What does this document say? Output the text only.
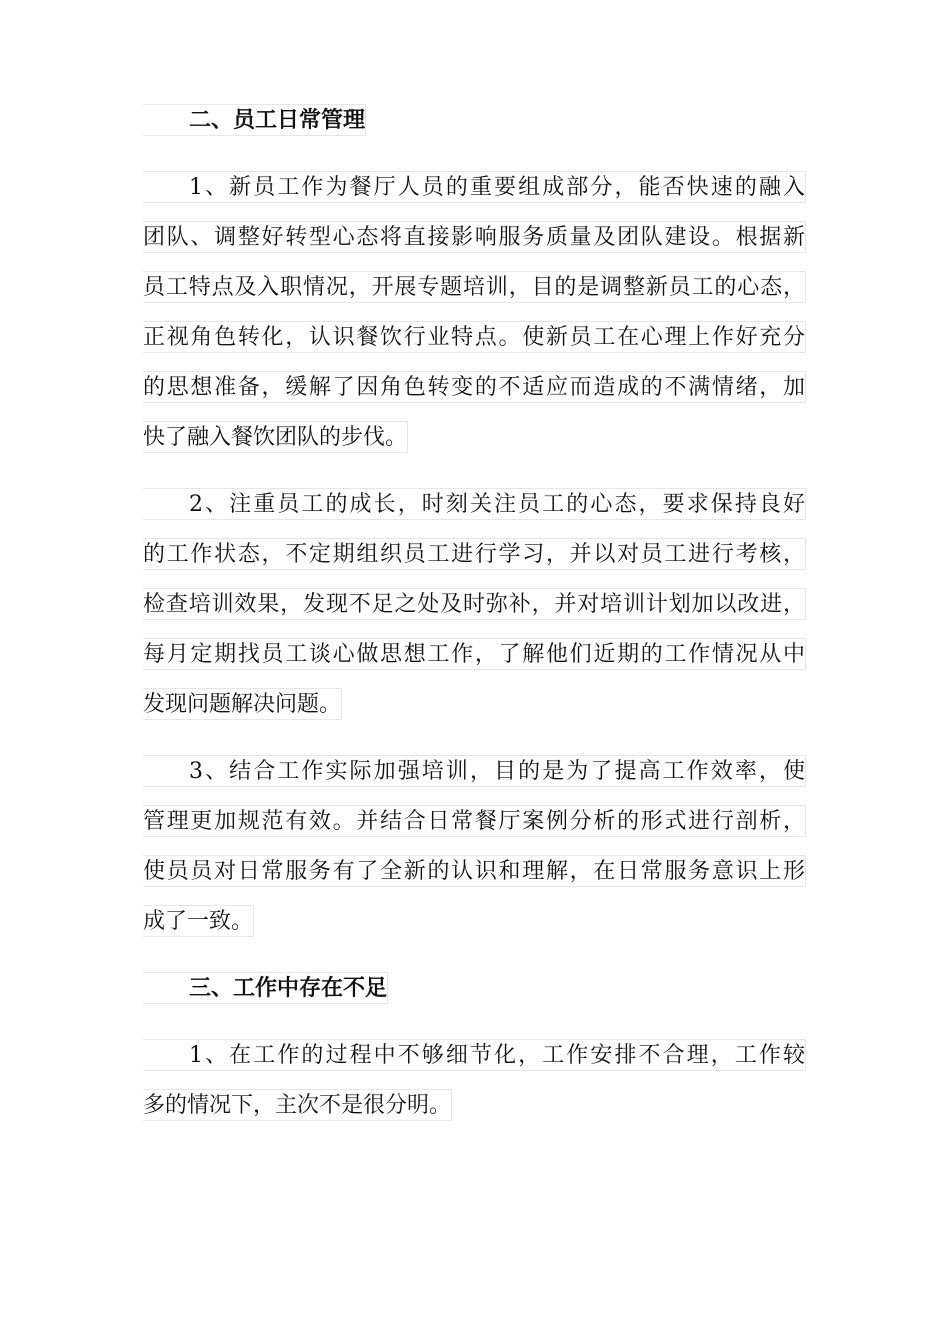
二、员工日常管理
1、新员工作为餐厅人员的重要组成部分，能否快速的融入
团队、调整好转型心态将直接影响服务质量及团队建设。根据新
员工特点及入职情况，开展专题培训，目的是调整新员工的心态，
正视角色转化，认识餐饮行业特点。使新员工在心理上作好充分
的思想准备，缓解了因角色转变的不适应而造成的不满情绪，加
快了融入餐饮团队的步伐。
2、注重员工的成长，时刻关注员工的心态，要求保持良好
的工作状态，不定期组织员工进行学习，并以对员工进行考核，
检查培训效果，发现不足之处及时弥补，并对培训计划加以改进，
每月定期找员工谈心做思想工作，了解他们近期的工作情况从中
发现问题解决问题。
3、结合工作实际加强培训，目的是为了提高工作效率，使
管理更加规范有效。并结合日常餐厅案例分析的形式进行剖析，
使员员对日常服务有了全新的认识和理解，在日常服务意识上形
成了一致。
三、工作中存在不足
1、在工作的过程中不够细节化，工作安排不合理，工作较
多的情况下，主次不是很分明。
